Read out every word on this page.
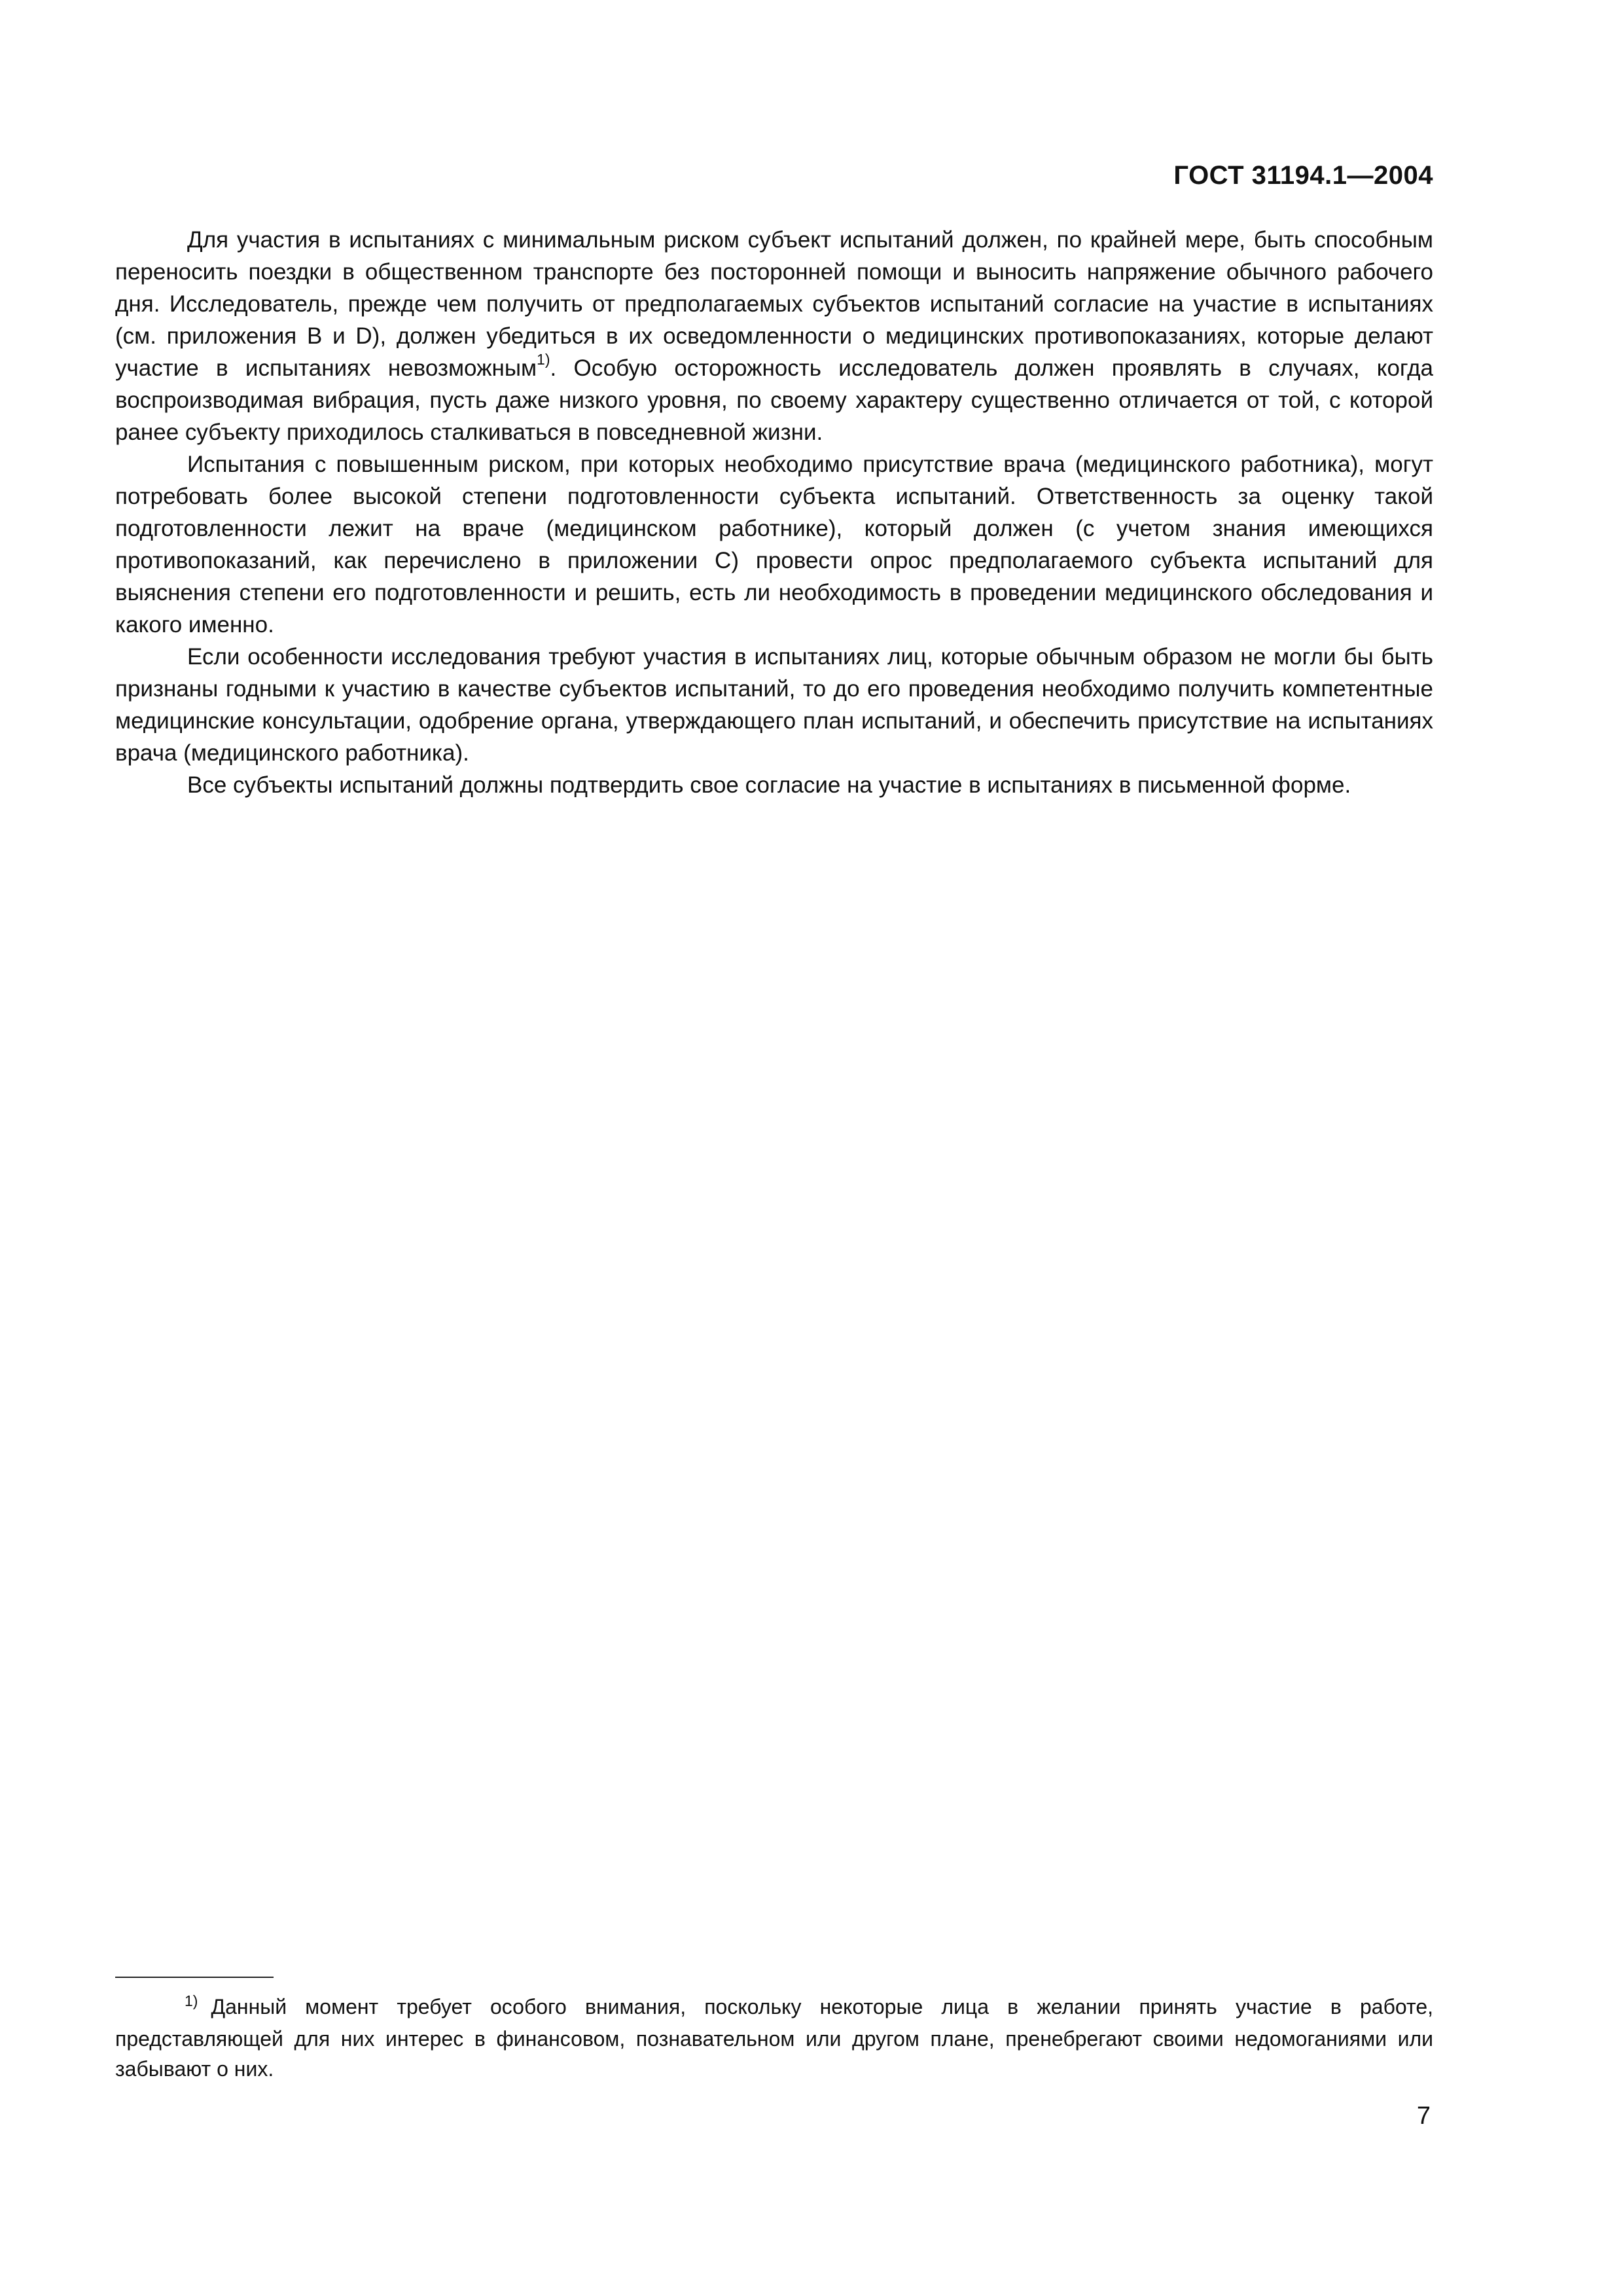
ГОСТ 31194.1—2004

Для участия в испытаниях с минимальным риском субъект испытаний должен, по крайней мере, быть способным переносить поездки в общественном транспорте без посторонней помощи и выносить напряжение обычного рабочего дня. Исследователь, прежде чем получить от предполагаемых субъектов испытаний согласие на участие в испытаниях (см. приложения В и D), должен убедиться в их осведомленности о медицинских противопоказаниях, которые делают участие в испытаниях невозможным$^{1)}$. Особую осторожность исследователь должен проявлять в случаях, когда воспроизводимая вибрация, пусть даже низкого уровня, по своему характеру существенно отличается от той, с которой ранее субъекту приходилось сталкиваться в повседневной жизни.

Испытания с повышенным риском, при которых необходимо присутствие врача (медицинского работника), могут потребовать более высокой степени подготовленности субъекта испытаний. Ответственность за оценку такой подготовленности лежит на враче (медицинском работнике), который должен (с учетом знания имеющихся противопоказаний, как перечислено в приложении С) провести опрос предполагаемого субъекта испытаний для выяснения степени его подготовленности и решить, есть ли необходимость в проведении медицинского обследования и какого именно.

Если особенности исследования требуют участия в испытаниях лиц, которые обычным образом не могли бы быть признаны годными к участию в качестве субъектов испытаний, то до его проведения необходимо получить компетентные медицинские консультации, одобрение органа, утверждающего план испытаний, и обеспечить присутствие на испытаниях врача (медицинского работника).

Все субъекты испытаний должны подтвердить свое согласие на участие в испытаниях в письменной форме.

1) Данный момент требует особого внимания, поскольку некоторые лица в желании принять участие в работе, представляющей для них интерес в финансовом, познавательном или другом плане, пренебрегают своими недомоганиями или забывают о них.
7
